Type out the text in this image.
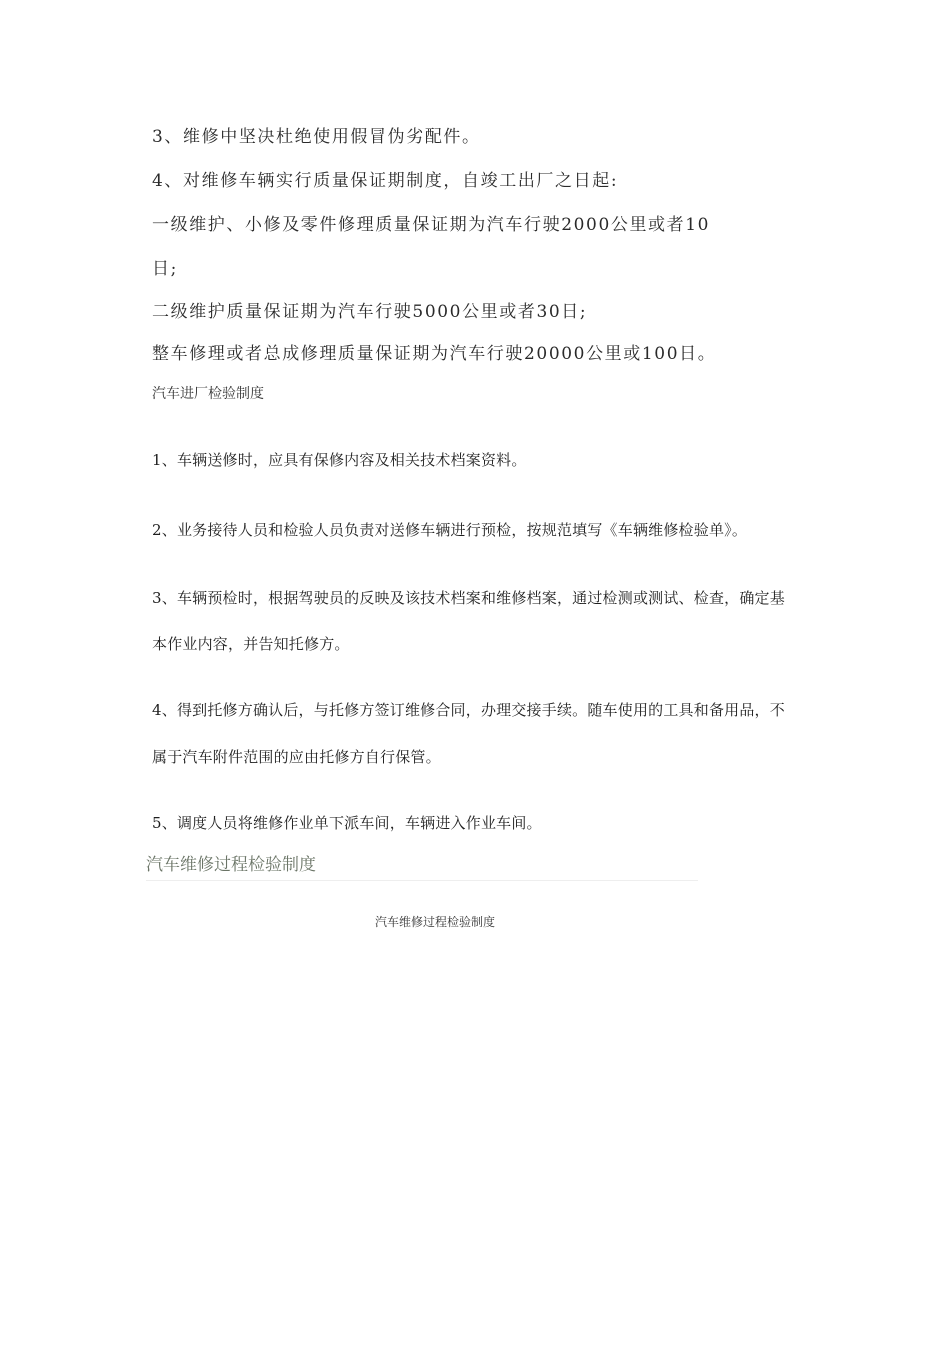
3、维修中坚决杜绝使用假冒伪劣配件。
4、对维修车辆实行质量保证期制度，自竣工出厂之日起:
一级维护、小修及零件修理质量保证期为汽车行驶2000公里或者10
日;
二级维护质量保证期为汽车行驶5000公里或者30日;
整车修理或者总成修理质量保证期为汽车行驶20000公里或100日。
汽车进厂检验制度
1、车辆送修时，应具有保修内容及相关技术档案资料。
2、业务接待人员和检验人员负责对送修车辆进行预检，按规范填写《车辆维修检验单》。
3、车辆预检时，根据驾驶员的反映及该技术档案和维修档案，通过检测或测试、检查，确定基
本作业内容，并告知托修方。
4、得到托修方确认后，与托修方签订维修合同，办理交接手续。随车使用的工具和备用品，不
属于汽车附件范围的应由托修方自行保管。
5、调度人员将维修作业单下派车间，车辆进入作业车间。
汽车维修过程检验制度
汽车维修过程检验制度
